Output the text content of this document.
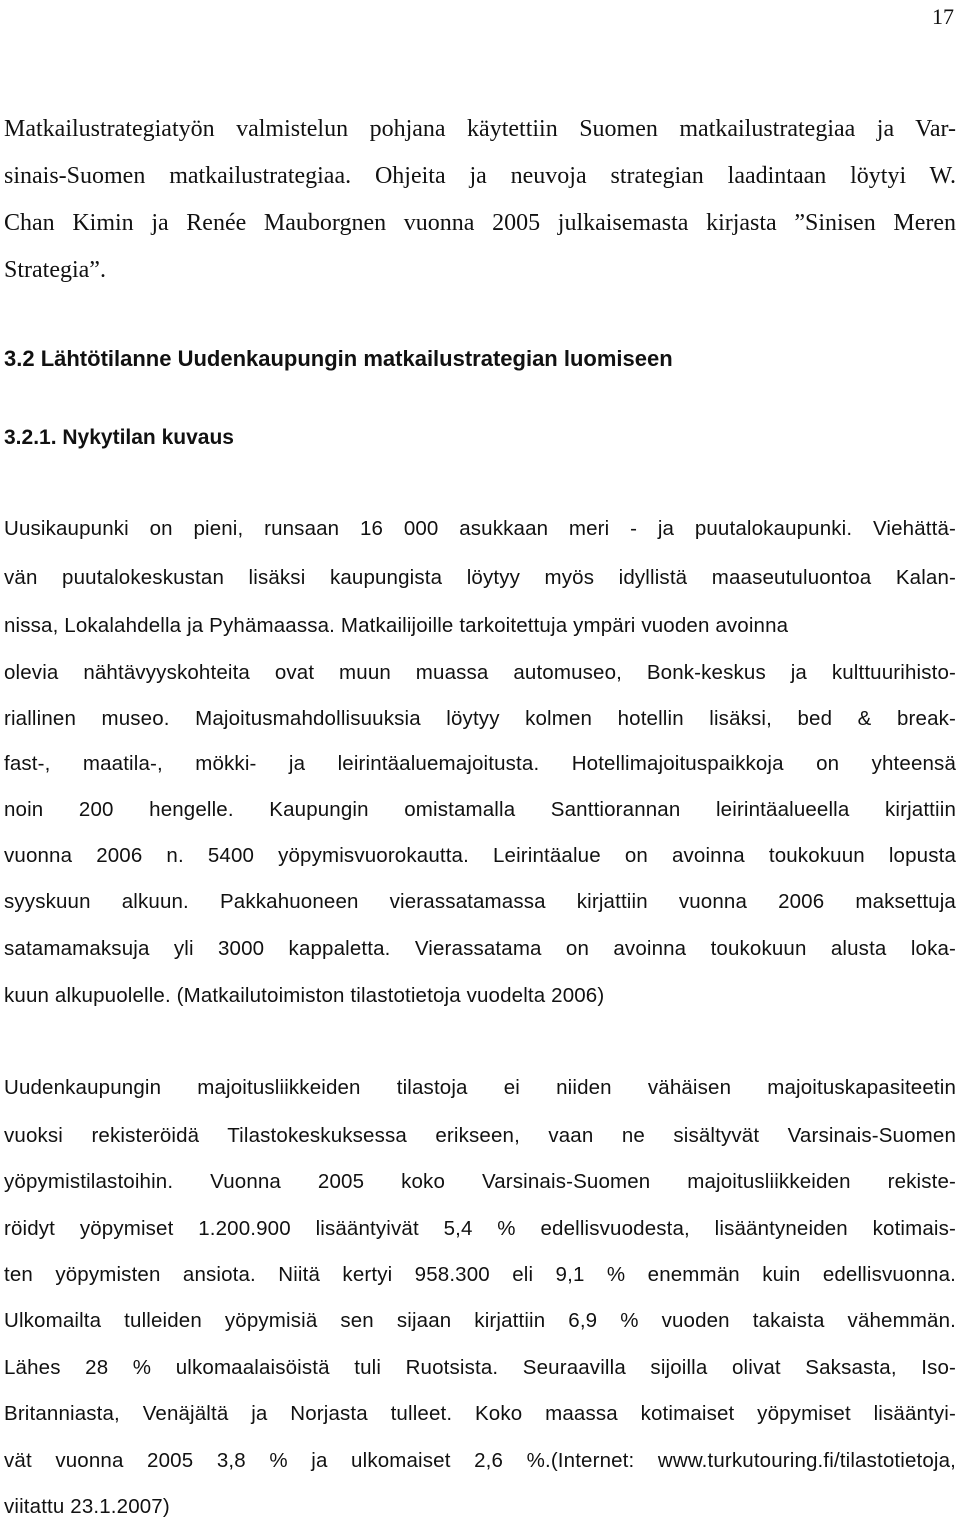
17

Matkailustrategiatyön valmistelun pohjana käytettiin Suomen matkailustrategiaa ja Var-

sinais-Suomen matkailustrategiaa. Ohjeita ja neuvoja strategian laadintaan löytyi W.

Chan Kimin ja Renée Mauborgnen vuonna 2005 julkaisemasta kirjasta ”Sinisen Meren

Strategia”.

3.2 Lähtötilanne Uudenkaupungin matkailustrategian luomiseen
3.2.1. Nykytilan kuvaus

Uusikaupunki on pieni, runsaan 16 000 asukkaan meri - ja puutalokaupunki. Viehättä-

vän puutalokeskustan lisäksi kaupungista löytyy myös idyllistä maaseutuluontoa Kalan-

nissa, Lokalahdella ja Pyhämaassa. Matkailijoille tarkoitettuja ympäri vuoden avoinna

olevia nähtävyyskohteita ovat muun muassa automuseo, Bonk-keskus ja kulttuurihisto-

riallinen museo. Majoitusmahdollisuuksia löytyy kolmen hotellin lisäksi, bed & break-

fast-, maatila-, mökki- ja leirintäaluemajoitusta. Hotellimajoituspaikkoja on yhteensä

noin 200 hengelle. Kaupungin omistamalla Santtiorannan leirintäalueella kirjattiin

vuonna 2006 n. 5400 yöpymisvuorokautta. Leirintäalue on avoinna toukokuun lopusta

syyskuun alkuun. Pakkahuoneen vierassatamassa kirjattiin vuonna 2006 maksettuja

satamamaksuja yli 3000 kappaletta. Vierassatama on avoinna toukokuun alusta loka-

kuun alkupuolelle. (Matkailutoimiston tilastotietoja vuodelta 2006)

Uudenkaupungin majoitusliikkeiden tilastoja ei niiden vähäisen majoituskapasiteetin

vuoksi rekisteröidä Tilastokeskuksessa erikseen, vaan ne sisältyvät Varsinais-Suomen

yöpymistilastoihin. Vuonna 2005 koko Varsinais-Suomen majoitusliikkeiden rekiste-

röidyt yöpymiset 1.200.900 lisääntyivät 5,4 % edellisvuodesta, lisääntyneiden kotimais-

ten yöpymisten ansiota. Niitä kertyi 958.300 eli 9,1 % enemmän kuin edellisvuonna.

Ulkomailta tulleiden yöpymisiä sen sijaan kirjattiin 6,9 % vuoden takaista vähemmän.

Lähes 28 % ulkomaalaisöistä tuli Ruotsista. Seuraavilla sijoilla olivat Saksasta, Iso-

Britanniasta, Venäjältä ja Norjasta tulleet. Koko maassa kotimaiset yöpymiset lisääntyi-

vät vuonna 2005 3,8 % ja ulkomaiset 2,6 %.(Internet: www.turkutouring.fi/tilastotietoja,

viitattu 23.1.2007)
